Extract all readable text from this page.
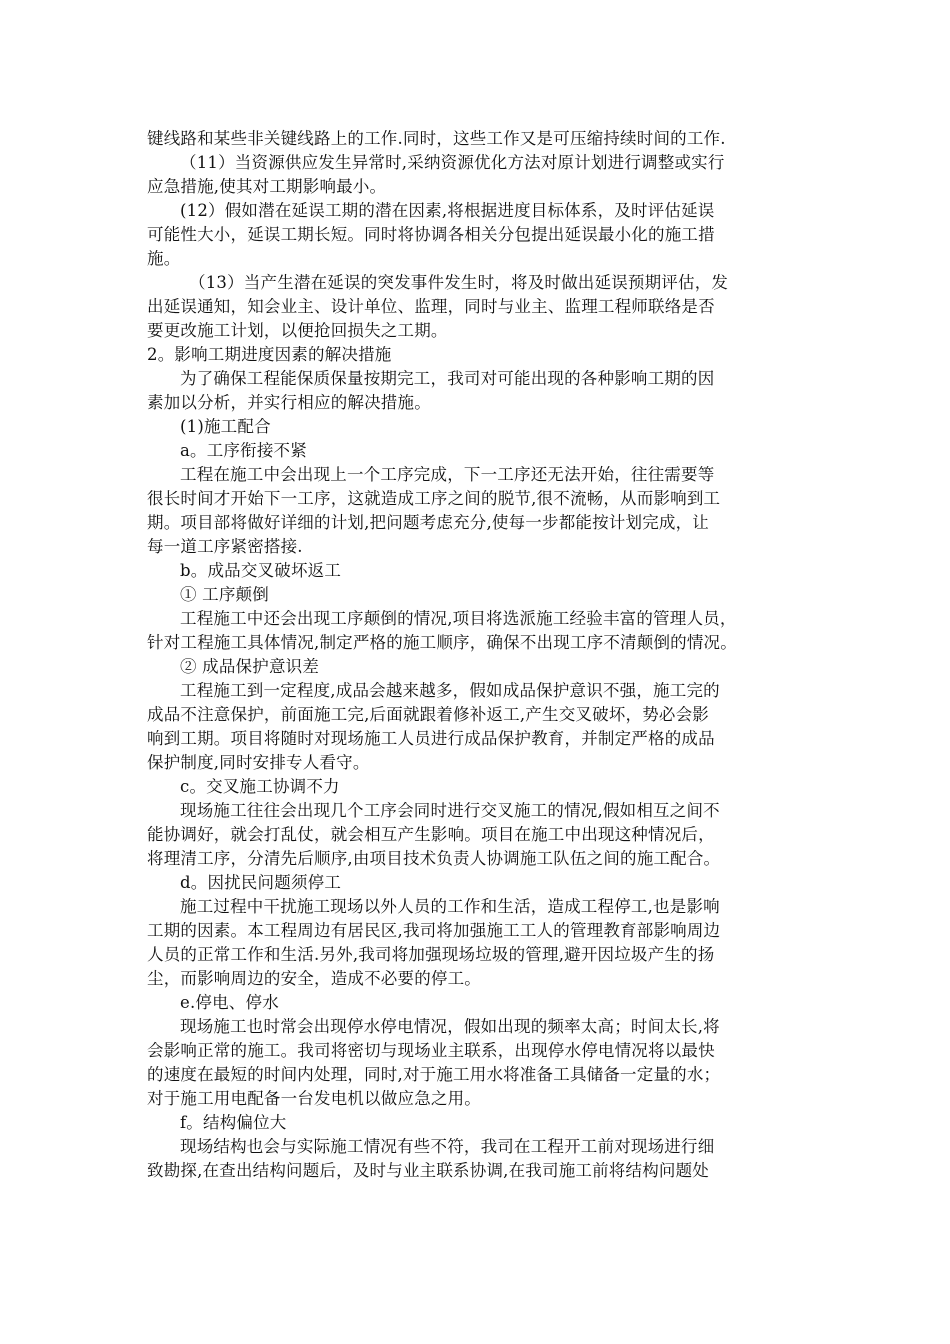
键线路和某些非关键线路上的工作.同时，这些工作又是可压缩持续时间的工作.
（11）当资源供应发生异常时,采纳资源优化方法对原计划进行调整或实行
应急措施,使其对工期影响最小。
(12）假如潜在延误工期的潜在因素,将根据进度目标体系，及时评估延误
可能性大小，延误工期长短。同时将协调各相关分包提出延误最小化的施工措
施。
（13）当产生潜在延误的突发事件发生时，将及时做出延误预期评估，发
出延误通知，知会业主、设计单位、监理，同时与业主、监理工程师联络是否
要更改施工计划，以便抢回损失之工期。
2。影响工期进度因素的解决措施
为了确保工程能保质保量按期完工，我司对可能出现的各种影响工期的因
素加以分析，并实行相应的解决措施。
(1)施工配合
a。工序衔接不紧
工程在施工中会出现上一个工序完成，下一工序还无法开始，往往需要等
很长时间才开始下一工序，这就造成工序之间的脱节,很不流畅，从而影响到工
期。项目部将做好详细的计划,把问题考虑充分,使每一步都能按计划完成，让
每一道工序紧密搭接.
b。成品交叉破坏返工
① 工序颠倒
工程施工中还会出现工序颠倒的情况,项目将选派施工经验丰富的管理人员，
针对工程施工具体情况,制定严格的施工顺序，确保不出现工序不清颠倒的情况。
② 成品保护意识差
工程施工到一定程度,成品会越来越多，假如成品保护意识不强，施工完的
成品不注意保护，前面施工完,后面就跟着修补返工,产生交叉破坏，势必会影
响到工期。项目将随时对现场施工人员进行成品保护教育，并制定严格的成品
保护制度,同时安排专人看守。
c。交叉施工协调不力
现场施工往往会出现几个工序会同时进行交叉施工的情况,假如相互之间不
能协调好，就会打乱仗，就会相互产生影响。项目在施工中出现这种情况后，
将理清工序，分清先后顺序,由项目技术负责人协调施工队伍之间的施工配合。
d。因扰民问题须停工
施工过程中干扰施工现场以外人员的工作和生活，造成工程停工,也是影响
工期的因素。本工程周边有居民区,我司将加强施工工人的管理教育部影响周边
人员的正常工作和生活.另外,我司将加强现场垃圾的管理,避开因垃圾产生的扬
尘，而影响周边的安全，造成不必要的停工。
e.停电、停水
现场施工也时常会出现停水停电情况，假如出现的频率太高；时间太长,将
会影响正常的施工。我司将密切与现场业主联系，出现停水停电情况将以最快
的速度在最短的时间内处理，同时,对于施工用水将准备工具储备一定量的水；
对于施工用电配备一台发电机以做应急之用。
f。结构偏位大
现场结构也会与实际施工情况有些不符，我司在工程开工前对现场进行细
致勘探,在查出结构问题后，及时与业主联系协调,在我司施工前将结构问题处
